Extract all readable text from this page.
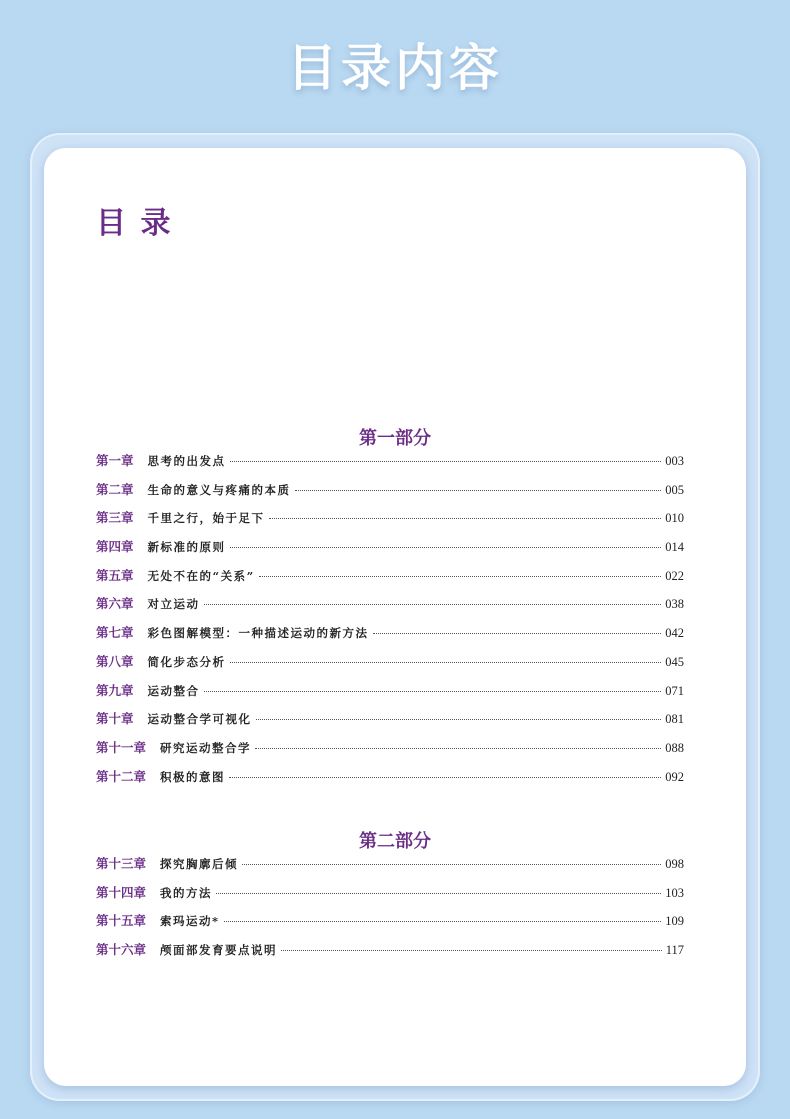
目录内容
目 录
第一部分
第一章 思考的出发点	003
第二章 生命的意义与疼痛的本质	005
第三章 千里之行，始于足下	010
第四章 新标准的原则	014
第五章 无处不在的“关系”	022
第六章 对立运动	038
第七章 彩色图解模型：一种描述运动的新方法	042
第八章 简化步态分析	045
第九章 运动整合	071
第十章 运动整合学可视化	081
第十一章 研究运动整合学	088
第十二章 积极的意图	092
第二部分
第十三章 探究胸廓后倾	098
第十四章 我的方法	103
第十五章 索玛运动*	109
第十六章 颅面部发育要点说明	117
